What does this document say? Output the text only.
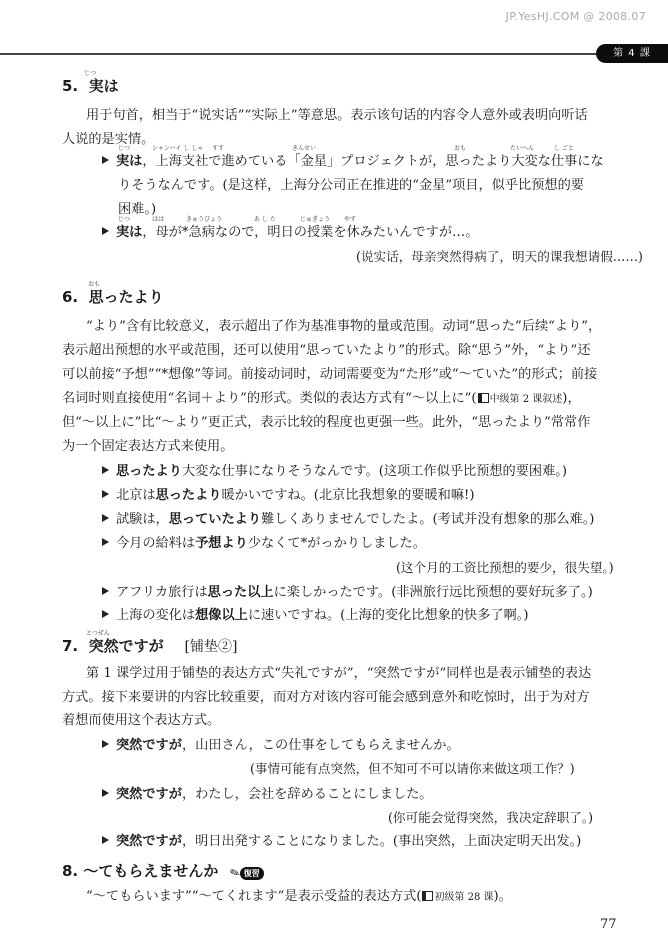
JP.YesHJ.COM @ 2008.07
第 4 課
じつ
5. 実は
用于句首，相当于“说实话”“实际上”等意思。表示该句话的内容令人意外或表明向听话
人说的是实情。
じつ	シャンハイ し しゃ すす	きんせい	おも	たいへん	し ごと
実は，上海支社で進めている「金星」プロジェクトが，思ったより大変な仕事にな
りそうなんです。(是这样，上海分公司正在推进的“金星”项目，似乎比预想的要
困难。)
じつ	はは	きゅうびょう	あ し た	じゅぎょう やす
実は，母が*急病なので，明日の授業を休みたいんですが…。
(说实话，母亲突然得病了，明天的课我想请假……)
おも
6. 思ったより
“より”含有比较意义，表示超出了作为基准事物的量或范围。动词“思った”后续“より”，
表示超出预想的水平或范围，还可以使用“思っていたより”的形式。除“思う”外，“より”还
可以前接“予想”“*想像”等词。前接动词时，动词需要变为“た形”或“～ていた”的形式；前接
名词时则直接使用“名词＋より”的形式。类似的表达方式有“～以上に”( 中级第 2 课叙述)，
但“～以上に”比“～より”更正式，表示比较的程度也更强一些。此外，“思ったより”常常作
为一个固定表达方式来使用。
思ったより大変な仕事になりそうなんです。(这项工作似乎比预想的要困难。)
北京は思ったより暖かいですね。(北京比我想象的要暖和嘛!)
試験は，思っていたより難しくありませんでしたよ。(考试并没有想象的那么难。)
今月の給料は予想より少なくて*がっかりしました。
(这个月的工资比预想的要少，很失望。)
アフリカ旅行は思った以上に楽しかったです。(非洲旅行远比预想的要好玩多了。)
上海の変化は想像以上に速いですね。(上海的变化比想象的快多了啊。)
とつぜん
7. 突然ですが [铺垫②]
第 1 课学过用于铺垫的表达方式“失礼ですが”，“突然ですが”同样也是表示铺垫的表达
方式。接下来要讲的内容比较重要，而对方对该内容可能会感到意外和吃惊时，出于为对方
着想而使用这个表达方式。
突然ですが，山田さん，この仕事をしてもらえませんか。
(事情可能有点突然，但不知可不可以请你来做这项工作？)
突然ですが，わたし，会社を辞めることにしました。
(你可能会觉得突然，我决定辞职了。)
突然ですが，明日出発することになりました。(事出突然，上面决定明天出发。)
8. ～てもらえませんか ✎ 復習
“～てもらいます”“～てくれます”是表示受益的表达方式( 初级第 28 课)。
77
